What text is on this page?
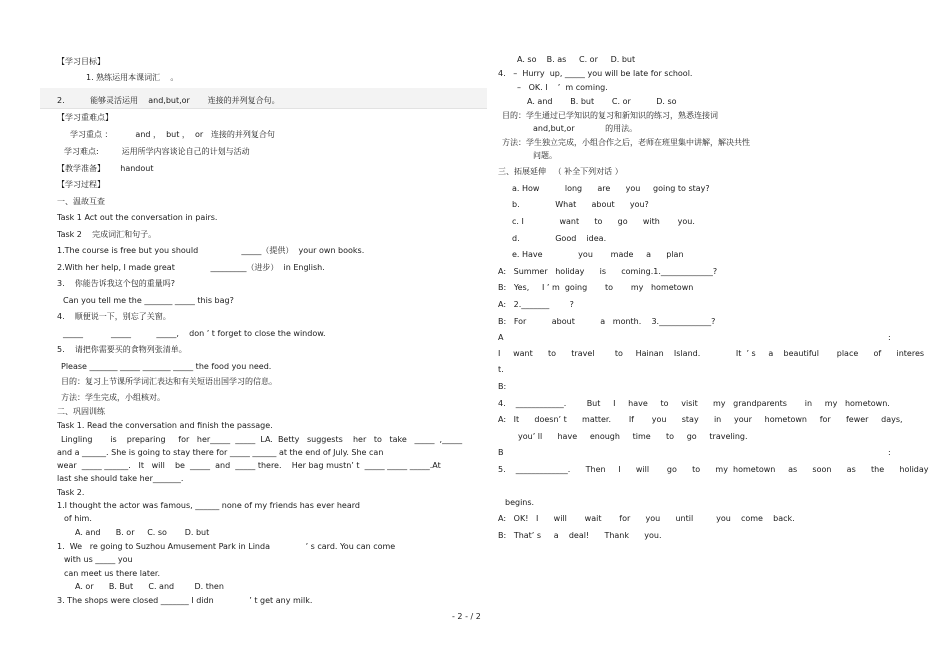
【学习目标】
1. 熟练运用本课词汇    。
2.          能够灵活运用    and,but,or       连接的并列复合句。
【学习重难点】
学习重点 ：         and ，  but ，  or   连接的并列复合句
学习难点:         运用所学内容谈论自己的计划与活动
【教学准备】      handout
【学习过程】
一、温故互查
Task 1 Act out the conversation in pairs.
Task 2    完成词汇和句子。
1.The course is free but you should                 _____（提供）  your own books.
2.With her help, I made great              _________（进步）  in English.
3.    你能告诉我这个包的重量吗?
Can you tell me the _______ _____ this bag?
4.    顺便说一下，别忘了关窗。
_____           _____          _____,    don ’ t forget to close the window.
5.    请把你需要买的食物列张清单。
Please _______ _____ _______ _____ the food you need.
目的：复习上节课所学词汇表达和有关短语出国学习的信息。
方法：学生完成，小组核对。
二、巩固训练
Task 1. Read the conversation and finish the passage.
Lingling       is    preparing     for   her_____  _____  LA.  Betty   suggests    her   to   take   _____  ,_____
and a ______. She is going to stay there for _____ ______ at the end of July. She can
wear  _____ ______.   It   will    be  _____  and  _____ there.    Her bag mustn’ t  _____ _____ _____.At
last she should take her_______.
Task 2.
1.I thought the actor was famous, ______ none of my friends has ever heard
of him.
A. and      B. or     C. so       D. but
1.  We   re going to Suzhou Amusement Park in Linda              ’ s card. You can come
with us _____ you
can meet us there later.
A. or      B. But      C. and        D. then
3. The shops were closed _______ I didn              ’ t get any milk.
A. so    B. as     C. or     D. but
4.   –  Hurry  up, _____ you will be late for school.
–   OK. I    ’  m coming.
A. and       B. but       C. or          D. so
目的：学生通过已学知识的复习和新知识的练习，熟悉连接词
and,but,or            的用法。
方法：学生独立完成，小组合作之后，老师在班里集中讲解，解决共性
问题。
三、拓展延伸   （ 补全下列对话 ）
a. How          long      are      you     going to stay?
b.              What      about      you?
c. I              want      to      go      with       you.
d.              Good    idea.
e. Have              you       made     a      plan
A:   Summer   holiday      is      coming.1._____________?
B:   Yes,     I ’ m  going       to       my   hometown
A:   2._______        ?
B:   For          about          a   month.    3._____________?
A	:
I     want      to      travel        to     Hainan    Island.              It  ’ s     a    beautiful       place      of      interes
t.
B:
4.    ____________.        But     I     have     to     visit      my   grandparents       in     my   hometown.
A:   It      doesn’ t      matter.       If       you      stay      in     your     hometown     for      fewer     days,
you’ ll      have     enough     time      to     go     traveling.
B	:
5.    _____________.      Then     I      will       go      to      my  hometown     as      soon      as      the      holiday
begins.
A:   OK!   I      will       wait       for      you      until         you    come    back.
B:   That’ s     a    deal!      Thank      you.
- 2 - / 2
